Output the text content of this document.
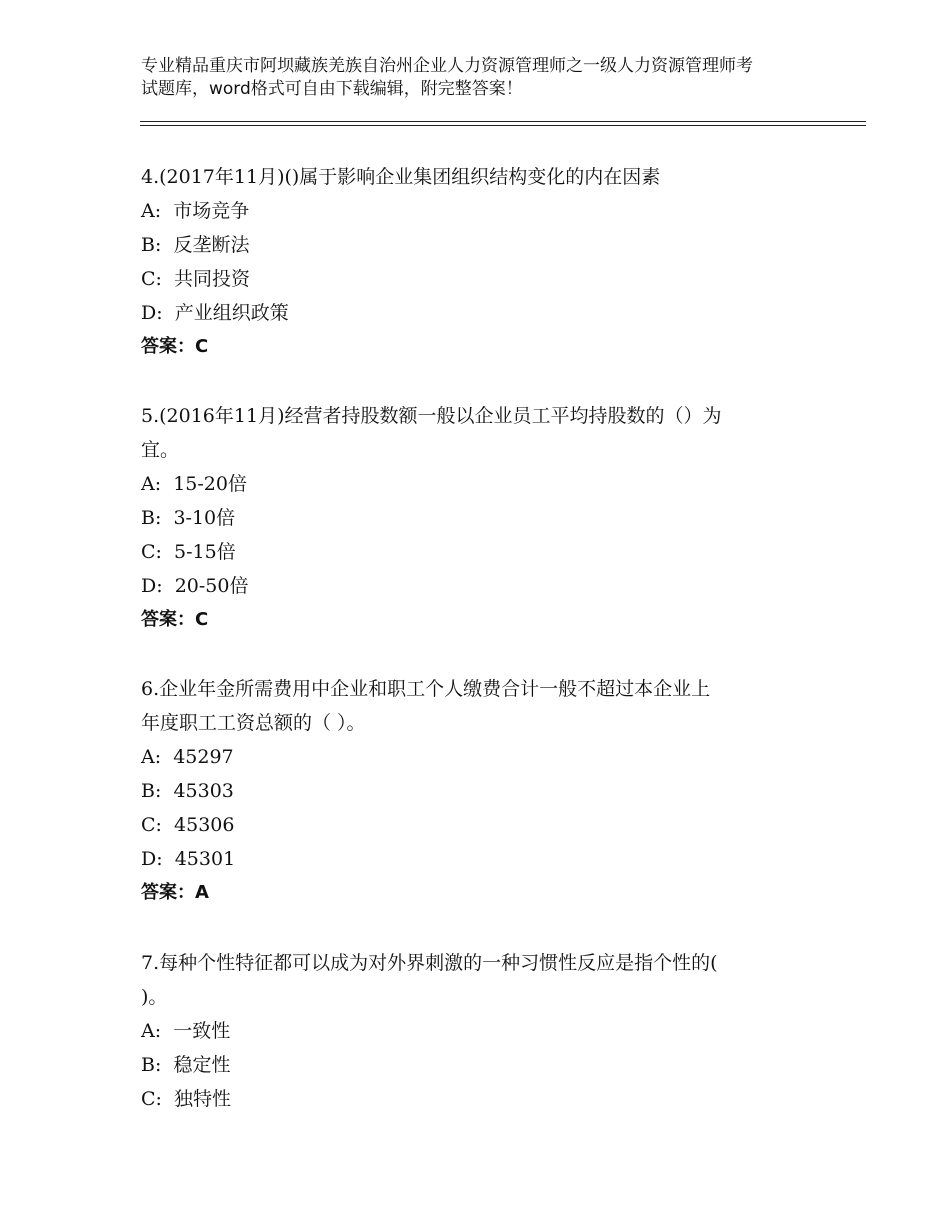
专业精品重庆市阿坝藏族羌族自治州企业人力资源管理师之一级人力资源管理师考
试题库，word格式可自由下载编辑，附完整答案！
4.(2017年11月)()属于影响企业集团组织结构变化的内在因素
A:  市场竞争
B:  反垄断法
C:  共同投资
D:  产业组织政策
答案：C
5.(2016年11月)经营者持股数额一般以企业员工平均持股数的（）为
宜。
A:  15-20倍
B:  3-10倍
C:  5-15倍
D:  20-50倍
答案：C
6.企业年金所需费用中企业和职工个人缴费合计一般不超过本企业上
年度职工工资总额的（ ）。
A:  45297
B:  45303
C:  45306
D:  45301
答案：A
7.每种个性特征都可以成为对外界刺激的一种习惯性反应是指个性的(
)。
A:  一致性
B:  稳定性
C:  独特性
